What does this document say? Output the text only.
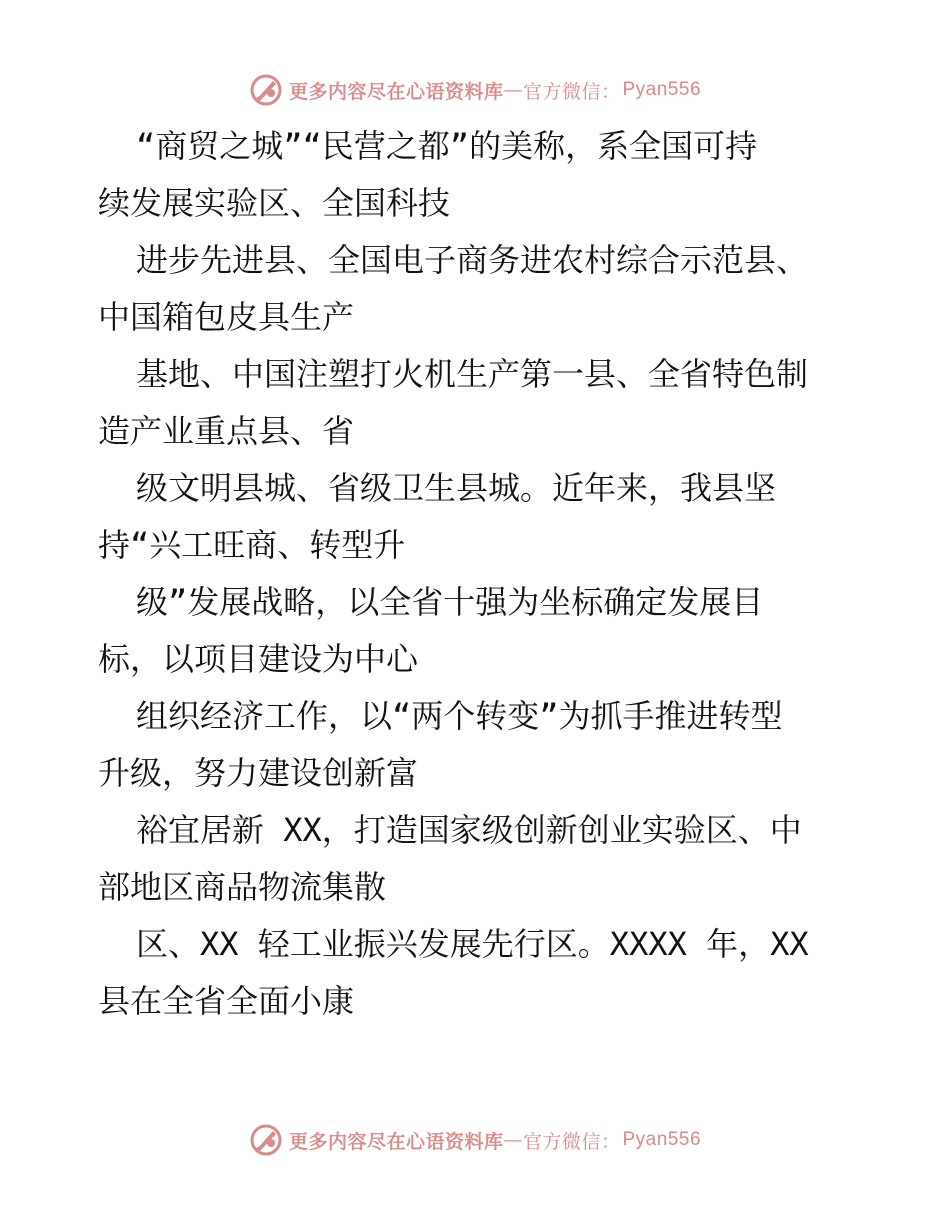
更多内容尽在心语资料库 — 官方微信： Pyan556
“商贸之城”“民营之都”的美称，系全国可持
续发展实验区、全国科技
进步先进县、全国电子商务进农村综合示范县、
中国箱包皮具生产
基地、中国注塑打火机生产第一县、全省特色制
造产业重点县、省
级文明县城、省级卫生县城。近年来，我县坚
持“兴工旺商、转型升
级”发展战略，以全省十强为坐标确定发展目
标，以项目建设为中心
组织经济工作，以“两个转变”为抓手推进转型
升级，努力建设创新富
裕宜居新 XX，打造国家级创新创业实验区、中
部地区商品物流集散
区、XX 轻工业振兴发展先行区。XXXX 年，XX
县在全省全面小康
更多内容尽在心语资料库 — 官方微信： Pyan556
